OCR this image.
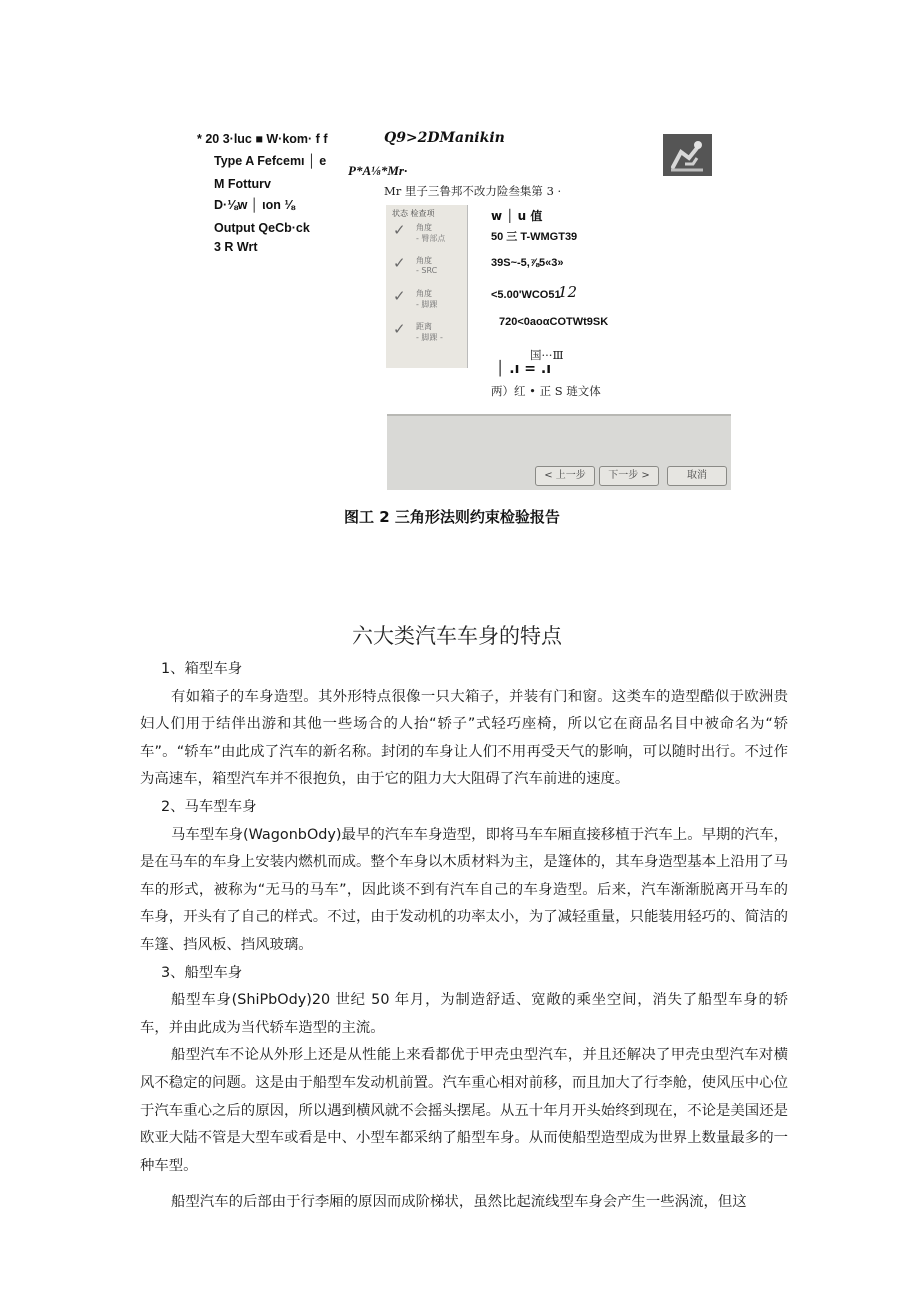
* 20 3·luc ■ W·kom· f f
Type A Fefcemı │ e
M Fotturv
D·⅛w │ ιon ⅛
Output QeCb·ck
3 R Wrt
Q9>2DManikin
P*A⅛*Mr·
Mr 里子三鲁邦不改力险叁集第 3 ·
状态 检查项
✓ 角度
- 臀部点
✓ 角度
- SRC
✓ 角度
- 脚踝
✓ 距离
- 脚踝 -
w │ u 值
50 三 T-WMGT39
39S~-5,⅞5«3»
<5.00'WCO51
12
720<0aoαCOTWt9SK
国···Ⅲ
│ .ı = .ı
两）红 • 正 S 琏文体
< 上一步	下一步 >	取消
图工 2 三角形法则约束检验报告
六大类汽车车身的特点

1、箱型车身

有如箱子的车身造型。其外形特点很像一只大箱子，并装有门和窗。这类车的造型酷似于欧洲贵妇人们用于结伴出游和其他一些场合的人抬“轿子”式轻巧座椅，所以它在商品名目中被命名为“轿车”。“轿车”由此成了汽车的新名称。封闭的车身让人们不用再受天气的影响，可以随时出行。不过作为高速车，箱型汽车并不很抱负，由于它的阻力大大阻碍了汽车前进的速度。

2、马车型车身

马车型车身(WagonbOdy)最早的汽车车身造型，即将马车车厢直接移植于汽车上。早期的汽车，是在马车的车身上安装内燃机而成。整个车身以木质材料为主，是篷体的，其车身造型基本上沿用了马车的形式，被称为“无马的马车”，因此谈不到有汽车自己的车身造型。后来，汽车渐渐脱离开马车的车身，开头有了自己的样式。不过，由于发动机的功率太小，为了减轻重量，只能装用轻巧的、简洁的车篷、挡风板、挡风玻璃。

3、船型车身

船型车身(ShiPbOdy)20 世纪 50 年月，为制造舒适、宽敞的乘坐空间，消失了船型车身的轿车，并由此成为当代轿车造型的主流。

船型汽车不论从外形上还是从性能上来看都优于甲壳虫型汽车，并且还解决了甲壳虫型汽车对横风不稳定的问题。这是由于船型车发动机前置。汽车重心相对前移，而且加大了行李舱，使风压中心位于汽车重心之后的原因，所以遇到横风就不会摇头摆尾。从五十年月开头始终到现在，不论是美国还是欧亚大陆不管是大型车或看是中、小型车都采纳了船型车身。从而使船型造型成为世界上数量最多的一种车型。

船型汽车的后部由于行李厢的原因而成阶梯状，虽然比起流线型车身会产生一些涡流，但这
